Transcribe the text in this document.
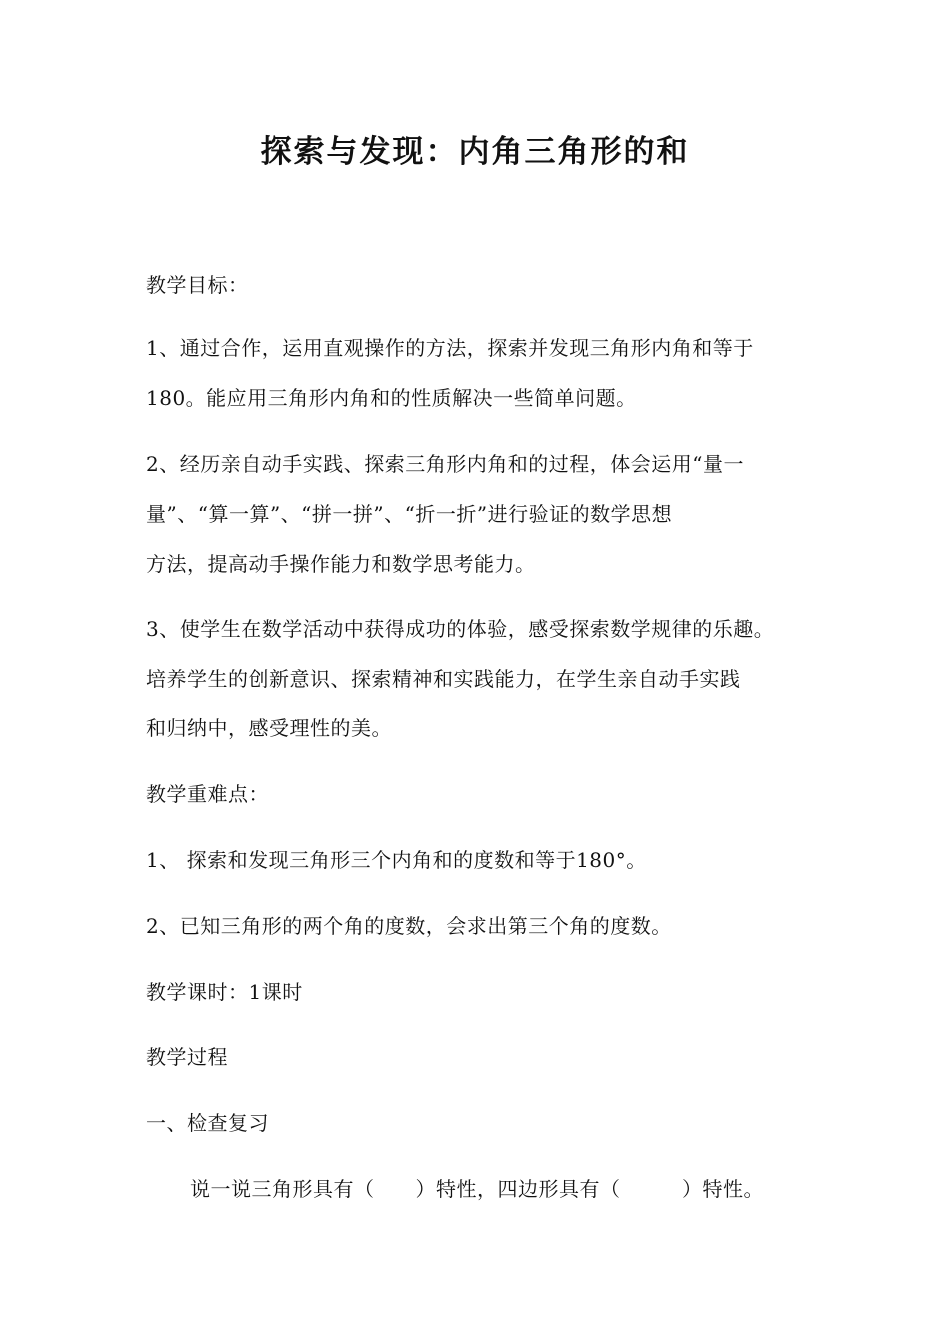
探索与发现：内角三角形的和
教学目标：
1、通过合作，运用直观操作的方法，探索并发现三角形内角和等于
180。能应用三角形内角和的性质解决一些简单问题。
2、经历亲自动手实践、探索三角形内角和的过程，体会运用“量一
量”、“算一算”、“拼一拼”、“折一折”进行验证的数学思想
方法，提高动手操作能力和数学思考能力。
3、使学生在数学活动中获得成功的体验，感受探索数学规律的乐趣。
培养学生的创新意识、探索精神和实践能力，在学生亲自动手实践
和归纳中，感受理性的美。
教学重难点：
1、 探索和发现三角形三个内角和的度数和等于180°。
2、已知三角形的两个角的度数，会求出第三个角的度数。
教学课时：1课时
教学过程
一、检查复习
说一说三角形具有（　　）特性，四边形具有（　　　）特性。
